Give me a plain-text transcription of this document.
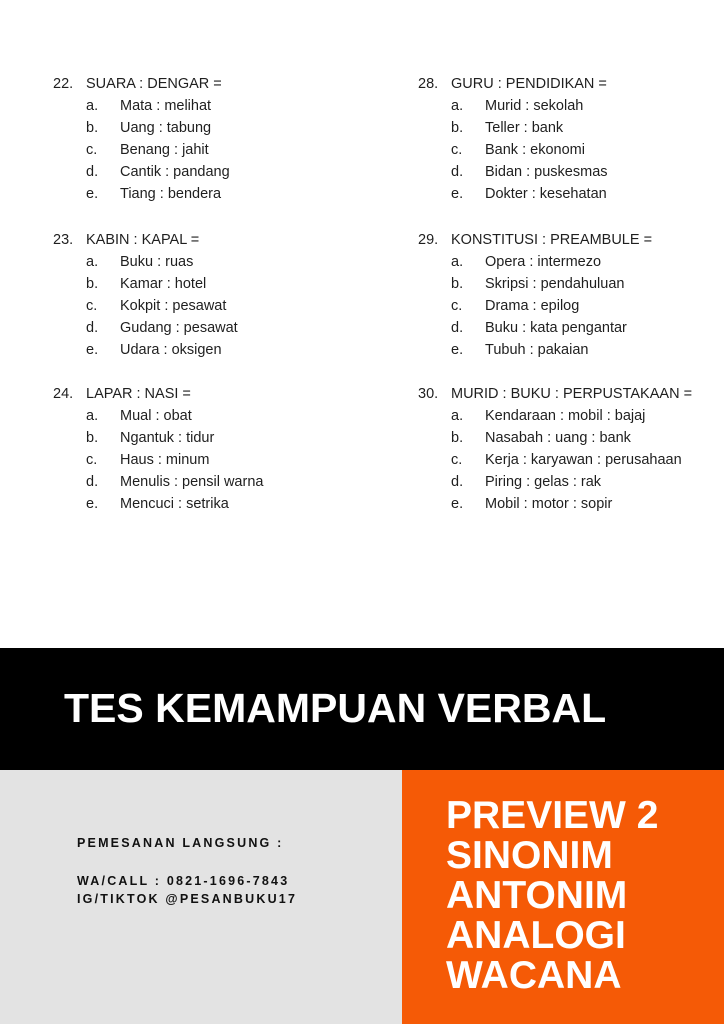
22. SUARA : DENGAR =
a. Mata : melihat
b. Uang : tabung
c. Benang : jahit
d. Cantik : pandang
e. Tiang : bendera
23. KABIN : KAPAL =
a. Buku : ruas
b. Kamar : hotel
c. Kokpit : pesawat
d. Gudang : pesawat
e. Udara : oksigen
24. LAPAR : NASI =
a. Mual : obat
b. Ngantuk : tidur
c. Haus : minum
d. Menulis : pensil warna
e. Mencuci : setrika
28. GURU : PENDIDIKAN =
a. Murid : sekolah
b. Teller : bank
c. Bank : ekonomi
d. Bidan : puskesmas
e. Dokter : kesehatan
29. KONSTITUSI : PREAMBULE =
a. Opera : intermezo
b. Skripsi : pendahuluan
c. Drama : epilog
d. Buku : kata pengantar
e. Tubuh : pakaian
30. MURID : BUKU : PERPUSTAKAAN =
a. Kendaraan : mobil : bajaj
b. Nasabah : uang : bank
c. Kerja : karyawan : perusahaan
d. Piring : gelas : rak
e. Mobil : motor : sopir
TES KEMAMPUAN VERBAL
PEMESANAN LANGSUNG :
WA/CALL : 0821-1696-7843
IG/TIKTOK @PESANBUKU17
PREVIEW 2
SINONIM
ANTONIM
ANALOGI
WACANA
